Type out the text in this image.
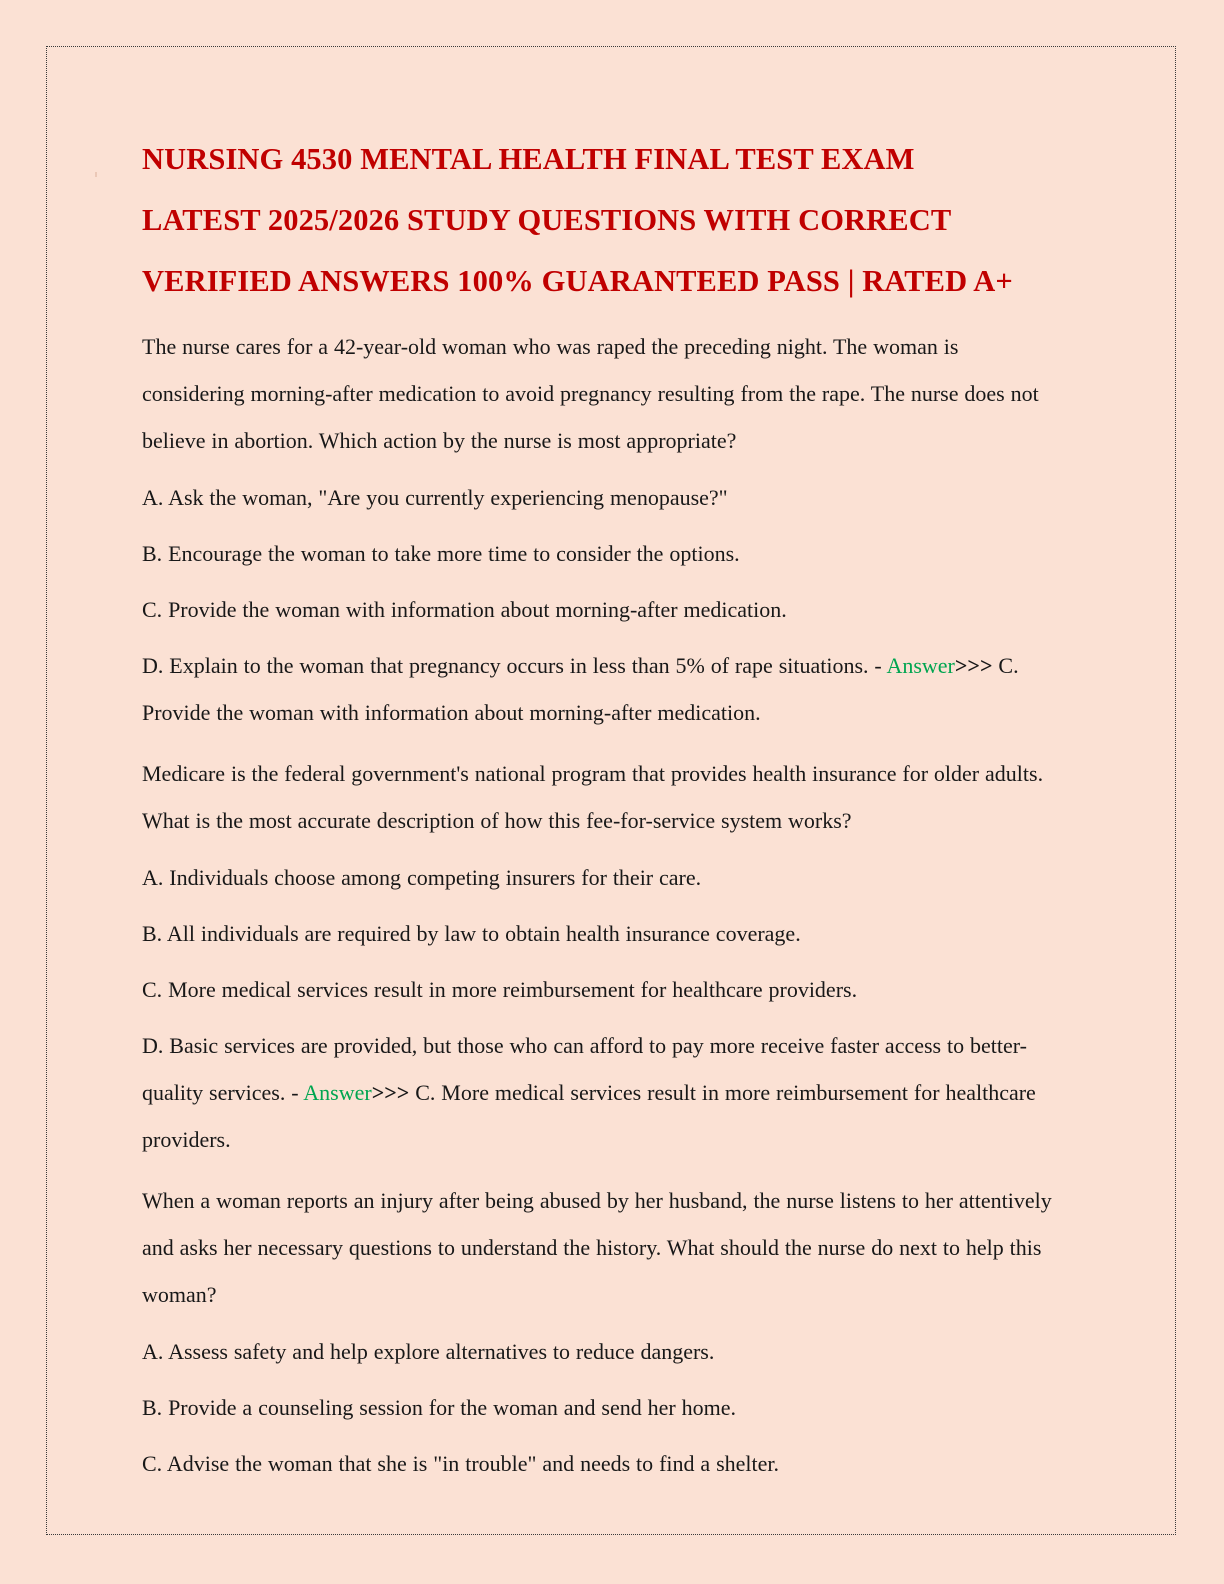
NURSING 4530 MENTAL HEALTH FINAL TEST EXAM
LATEST 2025/2026 STUDY QUESTIONS WITH CORRECT
VERIFIED ANSWERS 100% GUARANTEED PASS | RATED A+

The nurse cares for a 42-year-old woman who was raped the preceding night. The woman is considering morning-after medication to avoid pregnancy resulting from the rape. The nurse does not believe in abortion. Which action by the nurse is most appropriate?

A. Ask the woman, "Are you currently experiencing menopause?"

B. Encourage the woman to take more time to consider the options.

C. Provide the woman with information about morning-after medication.

D. Explain to the woman that pregnancy occurs in less than 5% of rape situations. - Answer>>> C. Provide the woman with information about morning-after medication.

Medicare is the federal government's national program that provides health insurance for older adults. What is the most accurate description of how this fee-for-service system works?

A. Individuals choose among competing insurers for their care.

B. All individuals are required by law to obtain health insurance coverage.

C. More medical services result in more reimbursement for healthcare providers.

D. Basic services are provided, but those who can afford to pay more receive faster access to better-quality services. - Answer>>> C. More medical services result in more reimbursement for healthcare providers.

When a woman reports an injury after being abused by her husband, the nurse listens to her attentively and asks her necessary questions to understand the history. What should the nurse do next to help this woman?

A. Assess safety and help explore alternatives to reduce dangers.

B. Provide a counseling session for the woman and send her home.

C. Advise the woman that she is "in trouble" and needs to find a shelter.
